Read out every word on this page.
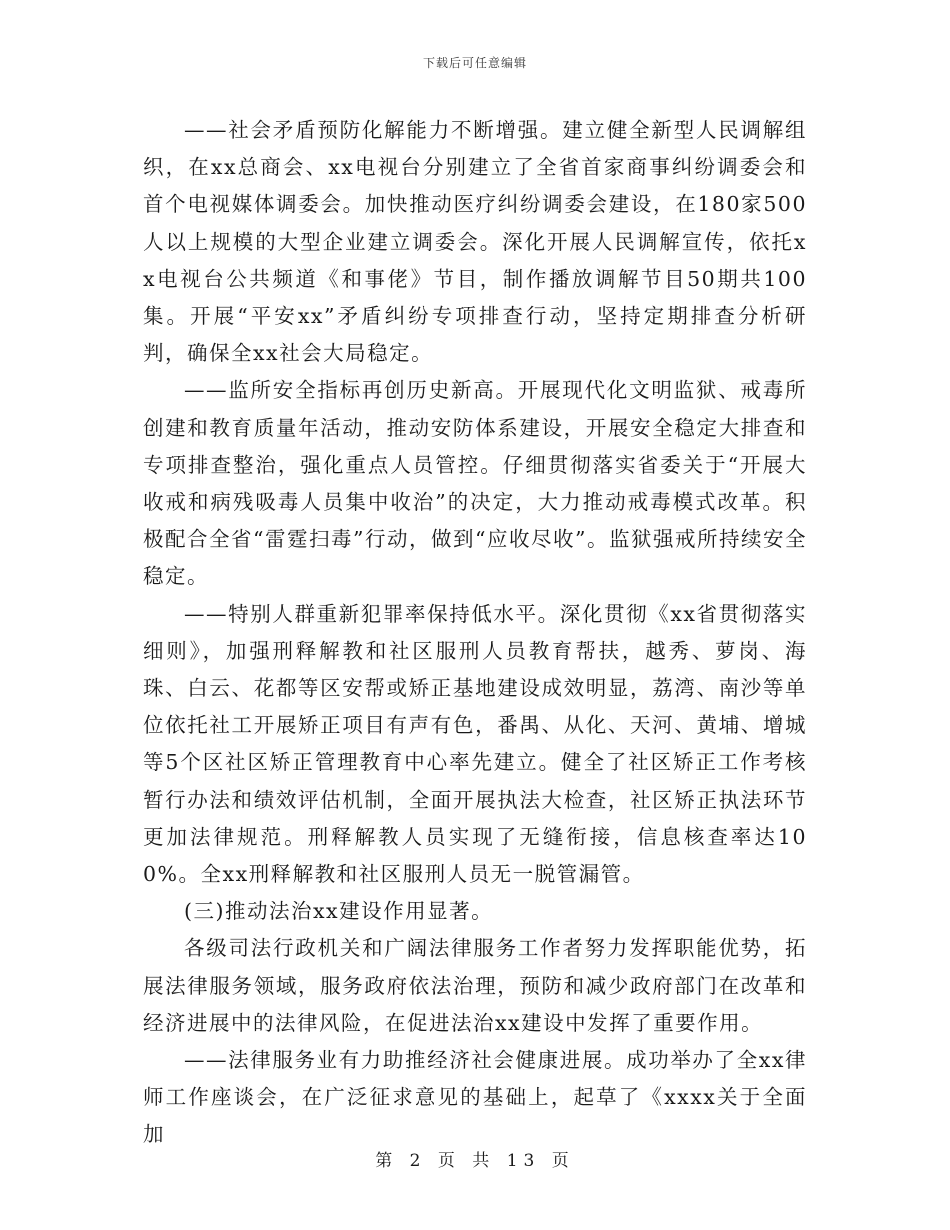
下载后可任意编辑

——社会矛盾预防化解能力不断增强。建立健全新型人民调解组织，在xx总商会、xx电视台分别建立了全省首家商事纠纷调委会和首个电视媒体调委会。加快推动医疗纠纷调委会建设，在180家500人以上规模的大型企业建立调委会。深化开展人民调解宣传，依托xx电视台公共频道《和事佬》节目，制作播放调解节目50期共100集。开展“平安xx”矛盾纠纷专项排查行动，坚持定期排查分析研判，确保全xx社会大局稳定。

——监所安全指标再创历史新高。开展现代化文明监狱、戒毒所创建和教育质量年活动，推动安防体系建设，开展安全稳定大排查和专项排查整治，强化重点人员管控。仔细贯彻落实省委关于“开展大收戒和病残吸毒人员集中收治”的决定，大力推动戒毒模式改革。积极配合全省“雷霆扫毒”行动，做到“应收尽收”。监狱强戒所持续安全稳定。

——特别人群重新犯罪率保持低水平。深化贯彻《xx省贯彻落实细则》，加强刑释解教和社区服刑人员教育帮扶，越秀、萝岗、海珠、白云、花都等区安帮或矫正基地建设成效明显，荔湾、南沙等单位依托社工开展矫正项目有声有色，番禺、从化、天河、黄埔、增城等5个区社区矫正管理教育中心率先建立。健全了社区矫正工作考核暂行办法和绩效评估机制，全面开展执法大检查，社区矫正执法环节更加法律规范。刑释解教人员实现了无缝衔接，信息核查率达100%。全xx刑释解教和社区服刑人员无一脱管漏管。

(三)推动法治xx建设作用显著。

各级司法行政机关和广阔法律服务工作者努力发挥职能优势，拓展法律服务领域，服务政府依法治理，预防和减少政府部门在改革和经济进展中的法律风险，在促进法治xx建设中发挥了重要作用。

——法律服务业有力助推经济社会健康进展。成功举办了全xx律师工作座谈会，在广泛征求意见的基础上，起草了《xxxx关于全面加

第 2 页 共 13 页
